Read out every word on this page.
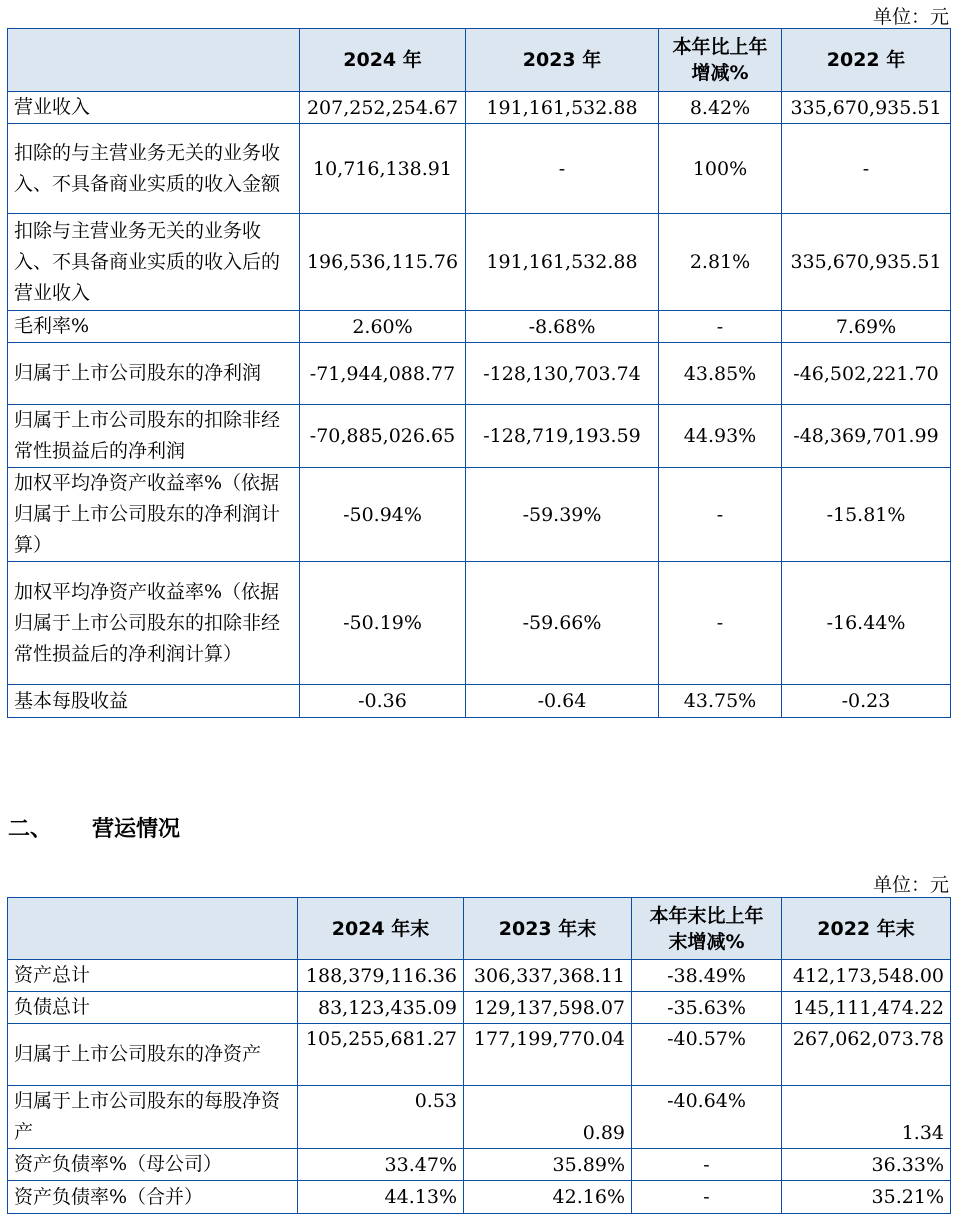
单位：元
	2024 年	2023 年	本年比上年增减%	2022 年
营业收入	207,252,254.67	191,161,532.88	8.42%	335,670,935.51
扣除的与主营业务无关的业务收入、不具备商业实质的收入金额	10,716,138.91	-	100%	-
扣除与主营业务无关的业务收入、不具备商业实质的收入后的营业收入	196,536,115.76	191,161,532.88	2.81%	335,670,935.51
毛利率%	2.60%	-8.68%	-	7.69%
归属于上市公司股东的净利润	-71,944,088.77	-128,130,703.74	43.85%	-46,502,221.70
归属于上市公司股东的扣除非经常性损益后的净利润	-70,885,026.65	-128,719,193.59	44.93%	-48,369,701.99
加权平均净资产收益率%（依据归属于上市公司股东的净利润计算）	-50.94%	-59.39%	-	-15.81%
加权平均净资产收益率%（依据归属于上市公司股东的扣除非经常性损益后的净利润计算）	-50.19%	-59.66%	-	-16.44%
基本每股收益	-0.36	-0.64	43.75%	-0.23
二、 营运情况
单位：元
	2024 年末	2023 年末	本年末比上年末增减%	2022 年末
资产总计	188,379,116.36	306,337,368.11	-38.49%	412,173,548.00
负债总计	83,123,435.09	129,137,598.07	-35.63%	145,111,474.22
归属于上市公司股东的净资产	105,255,681.27	177,199,770.04	-40.57%	267,062,073.78
归属于上市公司股东的每股净资产	0.53	0.89	-40.64%	1.34
资产负债率%（母公司）	33.47%	35.89%	-	36.33%
资产负债率%（合并）	44.13%	42.16%	-	35.21%
